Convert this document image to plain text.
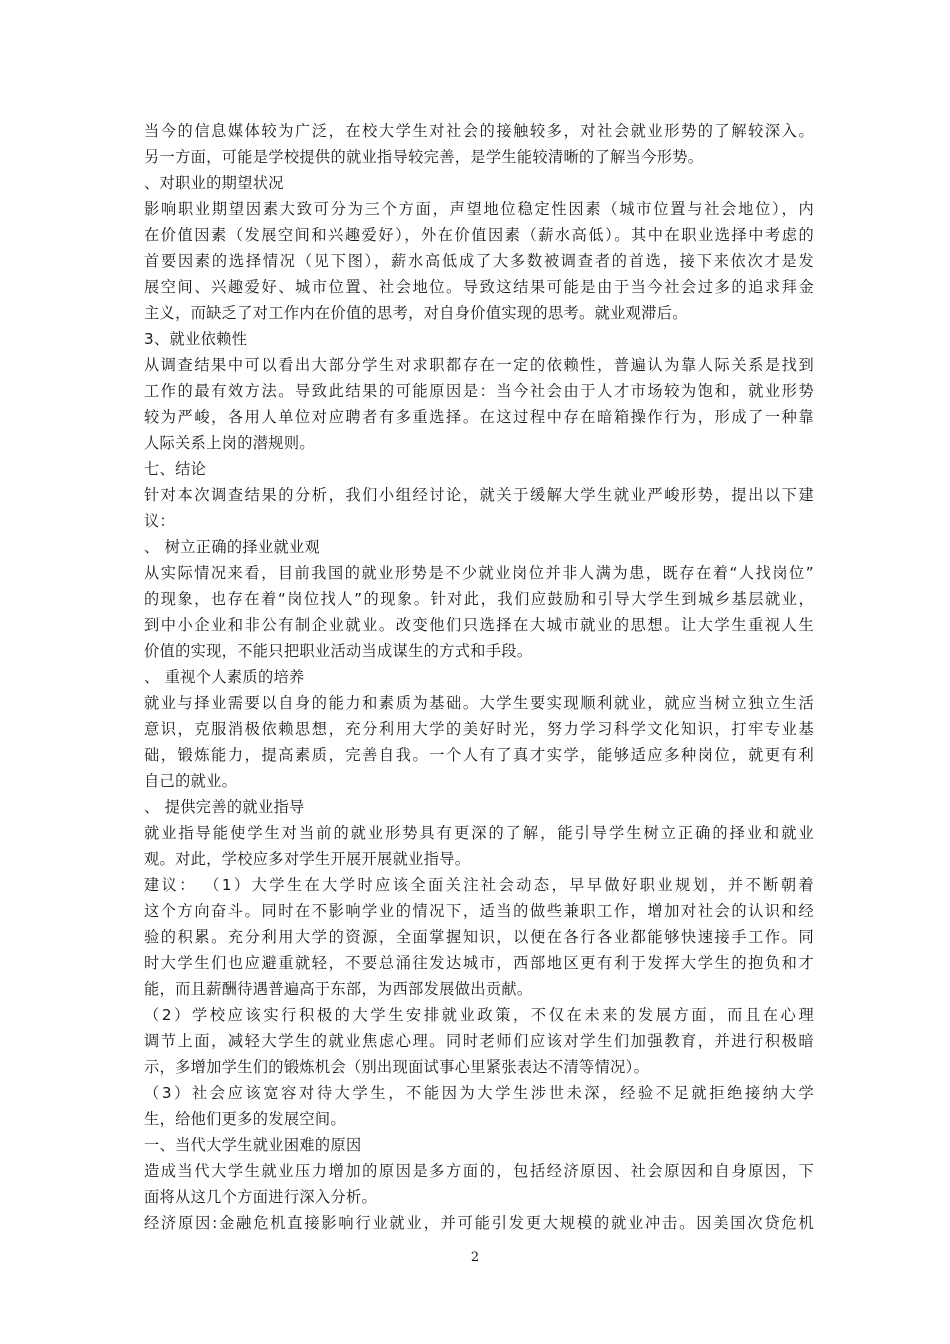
当今的信息媒体较为广泛，在校大学生对社会的接触较多，对社会就业形势的了解较深入。
另一方面，可能是学校提供的就业指导较完善，是学生能较清晰的了解当今形势。
、对职业的期望状况
影响职业期望因素大致可分为三个方面，声望地位稳定性因素（城市位置与社会地位），内
在价值因素（发展空间和兴趣爱好），外在价值因素（薪水高低）。其中在职业选择中考虑的
首要因素的选择情况（见下图），薪水高低成了大多数被调查者的首选，接下来依次才是发
展空间、兴趣爱好、城市位置、社会地位。导致这结果可能是由于当今社会过多的追求拜金
主义，而缺乏了对工作内在价值的思考，对自身价值实现的思考。就业观滞后。
3、就业依赖性
从调查结果中可以看出大部分学生对求职都存在一定的依赖性，普遍认为靠人际关系是找到
工作的最有效方法。导致此结果的可能原因是：当今社会由于人才市场较为饱和，就业形势
较为严峻，各用人单位对应聘者有多重选择。在这过程中存在暗箱操作行为，形成了一种靠
人际关系上岗的潜规则。
七、结论
针对本次调查结果的分析，我们小组经讨论，就关于缓解大学生就业严峻形势，提出以下建
议：
、 树立正确的择业就业观
从实际情况来看，目前我国的就业形势是不少就业岗位并非人满为患，既存在着“人找岗位”
的现象，也存在着“岗位找人”的现象。针对此，我们应鼓励和引导大学生到城乡基层就业，
到中小企业和非公有制企业就业。改变他们只选择在大城市就业的思想。让大学生重视人生
价值的实现，不能只把职业活动当成谋生的方式和手段。
、 重视个人素质的培养
就业与择业需要以自身的能力和素质为基础。大学生要实现顺利就业，就应当树立独立生活
意识，克服消极依赖思想，充分利用大学的美好时光，努力学习科学文化知识，打牢专业基
础，锻炼能力，提高素质，完善自我。一个人有了真才实学，能够适应多种岗位，就更有利
自己的就业。
、 提供完善的就业指导
就业指导能使学生对当前的就业形势具有更深的了解，能引导学生树立正确的择业和就业
观。对此，学校应多对学生开展开展就业指导。
建议： （1）大学生在大学时应该全面关注社会动态，早早做好职业规划，并不断朝着
这个方向奋斗。同时在不影响学业的情况下，适当的做些兼职工作，增加对社会的认识和经
验的积累。充分利用大学的资源，全面掌握知识，以便在各行各业都能够快速接手工作。同
时大学生们也应避重就轻，不要总涌往发达城市，西部地区更有利于发挥大学生的抱负和才
能，而且薪酬待遇普遍高于东部，为西部发展做出贡献。
（2）学校应该实行积极的大学生安排就业政策，不仅在未来的发展方面，而且在心理
调节上面，减轻大学生的就业焦虑心理。同时老师们应该对学生们加强教育，并进行积极暗
示，多增加学生们的锻炼机会（别出现面试事心里紧张表达不清等情况）。
（3）社会应该宽容对待大学生，不能因为大学生涉世未深，经验不足就拒绝接纳大学
生，给他们更多的发展空间。
一、当代大学生就业困难的原因
造成当代大学生就业压力增加的原因是多方面的，包括经济原因、社会原因和自身原因，下
面将从这几个方面进行深入分析。
经济原因:金融危机直接影响行业就业，并可能引发更大规模的就业冲击。因美国次贷危机
2
